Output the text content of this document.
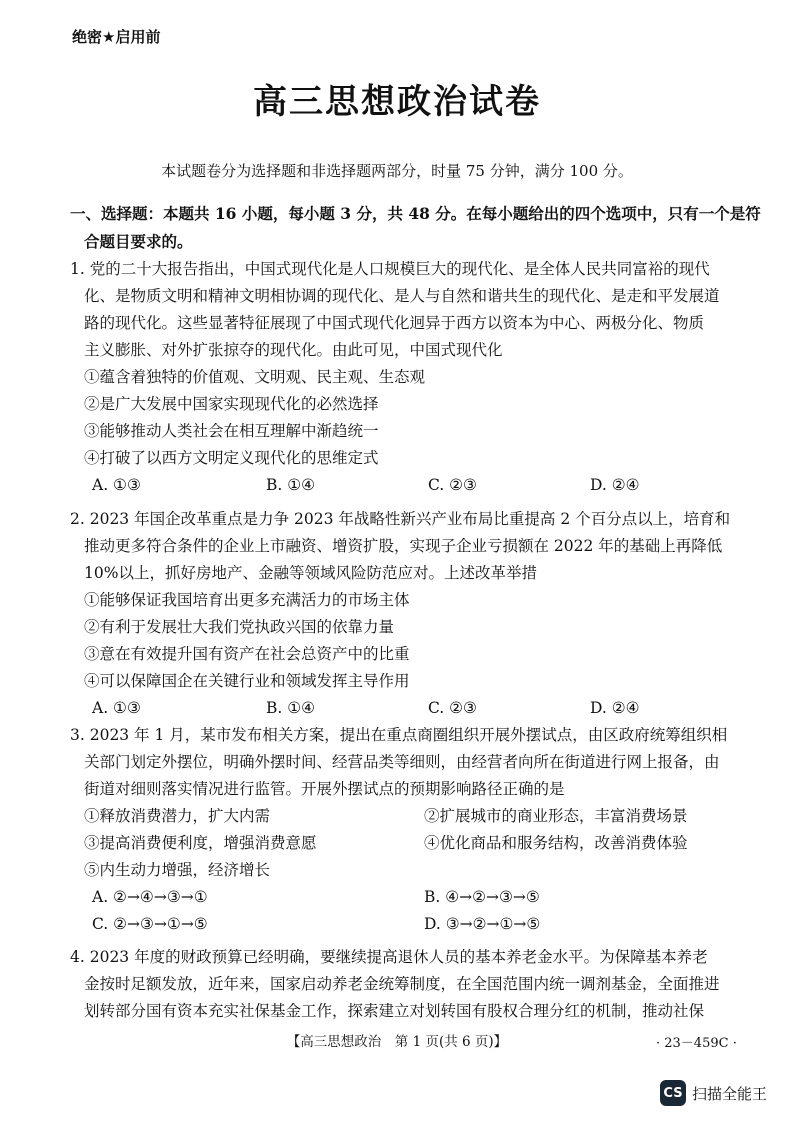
绝密★启用前
高三思想政治试卷
本试题卷分为选择题和非选择题两部分，时量 75 分钟，满分 100 分。
一、选择题：本题共 16 小题，每小题 3 分，共 48 分。在每小题给出的四个选项中，只有一个是符
合题目要求的。
1. 党的二十大报告指出，中国式现代化是人口规模巨大的现代化、是全体人民共同富裕的现代
化、是物质文明和精神文明相协调的现代化、是人与自然和谐共生的现代化、是走和平发展道
路的现代化。这些显著特征展现了中国式现代化迥异于西方以资本为中心、两极分化、物质
主义膨胀、对外扩张掠夺的现代化。由此可见，中国式现代化
①蕴含着独特的价值观、文明观、民主观、生态观
②是广大发展中国家实现现代化的必然选择
③能够推动人类社会在相互理解中渐趋统一
④打破了以西方文明定义现代化的思维定式
A. ①③	B. ①④	C. ②③	D. ②④
2. 2023 年国企改革重点是力争 2023 年战略性新兴产业布局比重提高 2 个百分点以上，培育和
推动更多符合条件的企业上市融资、增资扩股，实现子企业亏损额在 2022 年的基础上再降低
10%以上，抓好房地产、金融等领域风险防范应对。上述改革举措
①能够保证我国培育出更多充满活力的市场主体
②有利于发展壮大我们党执政兴国的依靠力量
③意在有效提升国有资产在社会总资产中的比重
④可以保障国企在关键行业和领域发挥主导作用
A. ①③	B. ①④	C. ②③	D. ②④
3. 2023 年 1 月，某市发布相关方案，提出在重点商圈组织开展外摆试点，由区政府统筹组织相
关部门划定外摆位，明确外摆时间、经营品类等细则，由经营者向所在街道进行网上报备，由
街道对细则落实情况进行监管。开展外摆试点的预期影响路径正确的是
①释放消费潜力，扩大内需	②扩展城市的商业形态，丰富消费场景
③提高消费便利度，增强消费意愿	④优化商品和服务结构，改善消费体验
⑤内生动力增强，经济增长
A. ②→④→③→①	B. ④→②→③→⑤
C. ②→③→①→⑤	D. ③→②→①→⑤
4. 2023 年度的财政预算已经明确，要继续提高退休人员的基本养老金水平。为保障基本养老
金按时足额发放，近年来，国家启动养老金统筹制度，在全国范围内统一调剂基金，全面推进
划转部分国有资本充实社保基金工作，探索建立对划转国有股权合理分红的机制，推动社保
【高三思想政治　第 1 页(共 6 页)】	· 23－459C ·
CS 扫描全能王
